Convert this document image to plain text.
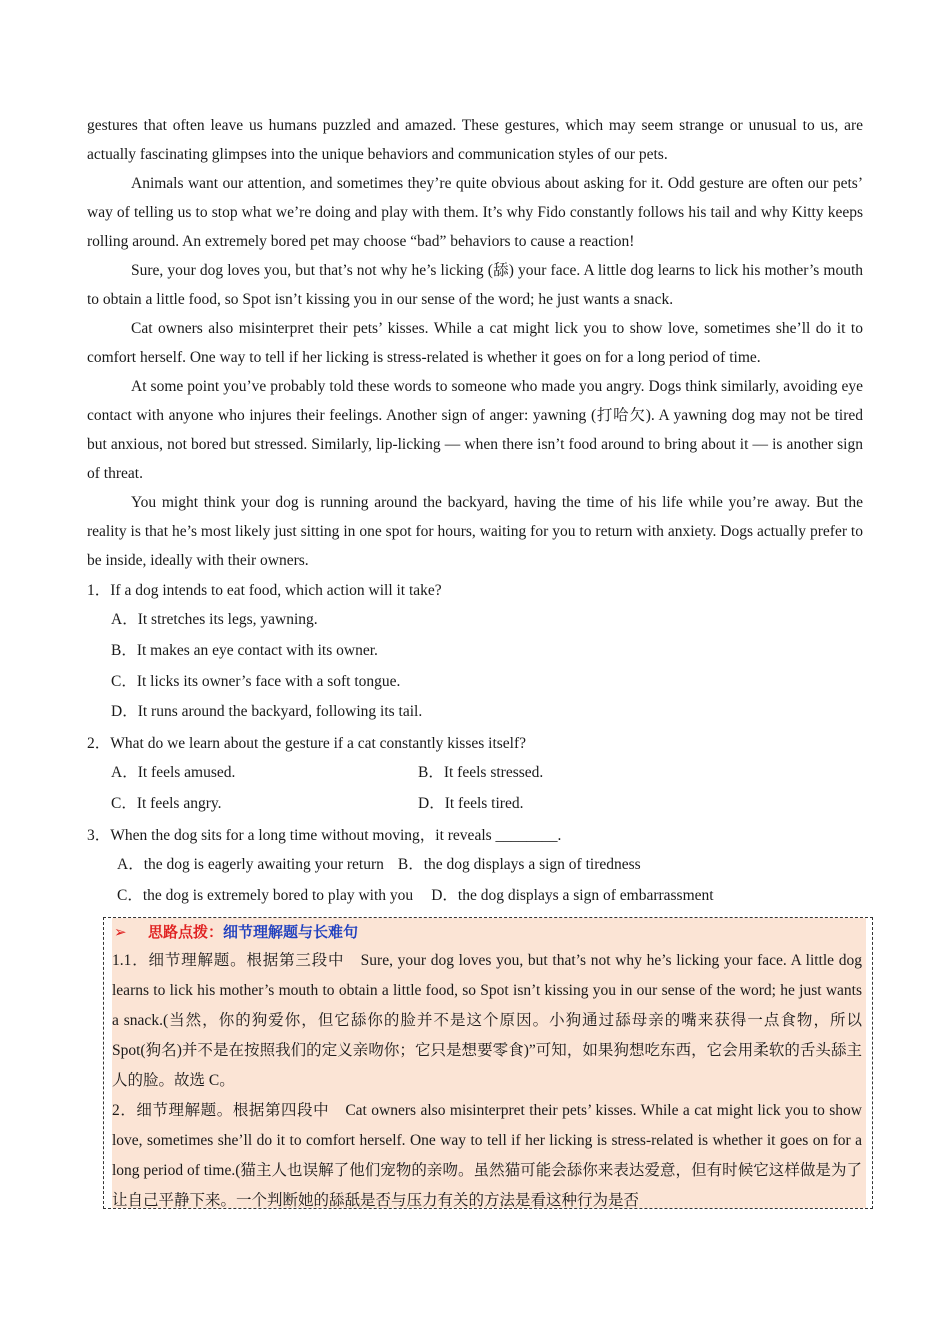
gestures that often leave us humans puzzled and amazed. These gestures, which may seem strange or unusual to us, are actually fascinating glimpses into the unique behaviors and communication styles of our pets.

Animals want our attention, and sometimes they’re quite obvious about asking for it. Odd gesture are often our pets’ way of telling us to stop what we’re doing and play with them. It’s why Fido constantly follows his tail and why Kitty keeps rolling around. An extremely bored pet may choose “bad” behaviors to cause a reaction!

Sure, your dog loves you, but that’s not why he’s licking (舔) your face. A little dog learns to lick his mother’s mouth to obtain a little food, so Spot isn’t kissing you in our sense of the word; he just wants a snack.

Cat owners also misinterpret their pets’ kisses. While a cat might lick you to show love, sometimes she’ll do it to comfort herself. One way to tell if her licking is stress-related is whether it goes on for a long period of time.

At some point you’ve probably told these words to someone who made you angry. Dogs think similarly, avoiding eye contact with anyone who injures their feelings. Another sign of anger: yawning (打哈欠). A yawning dog may not be tired but anxious, not bored but stressed. Similarly, lip-licking — when there isn’t food around to bring about it — is another sign of threat.

You might think your dog is running around the backyard, having the time of his life while you’re away. But the reality is that he’s most likely just sitting in one spot for hours, waiting for you to return with anxiety. Dogs actually prefer to be inside, ideally with their owners.

1．If a dog intends to eat food, which action will it take?

A．It stretches its legs, yawning.
B．It makes an eye contact with its owner.
C．It licks its owner’s face with a soft tongue.
D．It runs around the backyard, following its tail.

2．What do we learn about the gesture if a cat constantly kisses itself?

A．It feels amused.	B．It feels stressed.
C．It feels angry.	D．It feels tired.

3．When the dog sits for a long time without moving，it reveals ________.

A．the dog is eagerly awaiting your return B．the dog displays a sign of tiredness
C．the dog is extremely bored to play with you D．the dog displays a sign of embarrassment
➢ 思路点拨：细节理解题与长难句

1.1．细节理解题。根据第三段中　Sure, your dog loves you, but that’s not why he’s licking your face. A little dog learns to lick his mother’s mouth to obtain a little food, so Spot isn’t kissing you in our sense of the word; he just wants a snack.(当然，你的狗爱你，但它舔你的脸并不是这个原因。小狗通过舔母亲的嘴来获得一点食物，所以 Spot(狗名)并不是在按照我们的定义亲吻你；它只是想要零食)”可知，如果狗想吃东西，它会用柔软的舌头舔主人的脸。故选 C。

2．细节理解题。根据第四段中　Cat owners also misinterpret their pets’ kisses. While a cat might lick you to show love, sometimes she’ll do it to comfort herself. One way to tell if her licking is stress-related is whether it goes on for a long period of time.(猫主人也误解了他们宠物的亲吻。虽然猫可能会舔你来表达爱意，但有时候它这样做是为了让自己平静下来。一个判断她的舔舐是否与压力有关的方法是看这种行为是否
